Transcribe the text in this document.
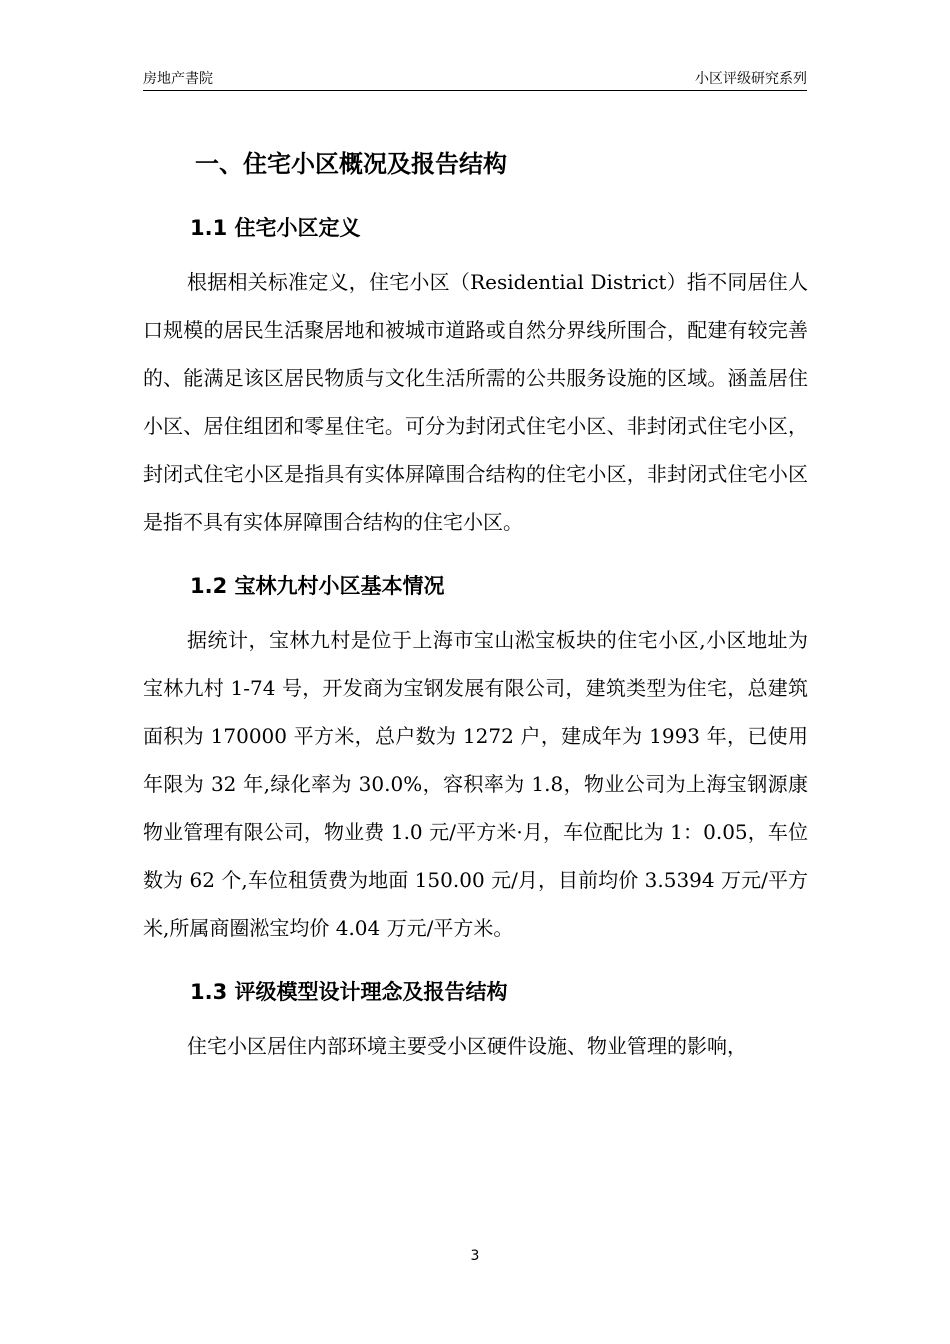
房地产書院	小区评级研究系列
一、住宅小区概况及报告结构
1.1 住宅小区定义

根据相关标准定义，住宅小区（Residential District）指不同居住人口规模的居民生活聚居地和被城市道路或自然分界线所围合，配建有较完善的、能满足该区居民物质与文化生活所需的公共服务设施的区域。涵盖居住小区、居住组团和零星住宅。可分为封闭式住宅小区、非封闭式住宅小区，封闭式住宅小区是指具有实体屏障围合结构的住宅小区，非封闭式住宅小区是指不具有实体屏障围合结构的住宅小区。

1.2 宝林九村小区基本情况

据统计，宝林九村是位于上海市宝山淞宝板块的住宅小区,小区地址为宝林九村 1-74 号，开发商为宝钢发展有限公司，建筑类型为住宅，总建筑面积为 170000 平方米，总户数为 1272 户，建成年为 1993 年，已使用年限为 32 年,绿化率为 30.0%，容积率为 1.8，物业公司为上海宝钢源康物业管理有限公司，物业费 1.0 元/平方米·月，车位配比为 1：0.05，车位数为 62 个,车位租赁费为地面 150.00 元/月，目前均价 3.5394 万元/平方米,所属商圈淞宝均价 4.04 万元/平方米。

1.3 评级模型设计理念及报告结构

住宅小区居住内部环境主要受小区硬件设施、物业管理的影响，

3
